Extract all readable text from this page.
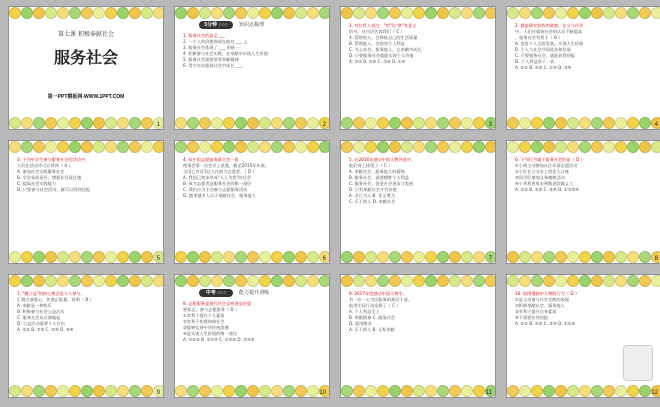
第七课 积极奉献社会
服务社会
第一PPT模板网-WWW.1PPT.COM
1
5分钟 ○○○	知识点梳理
1. 服务社会的意义 ___
2. 一个人的价值体现在他对 ___ 上
3. 服务社会体现了 ___ 的统一
4. 积极参与社会实践，在奉献中实现人生价值
5. 服务社会需要培养奉献精神
6. 青少年在服务社会中成长 ___
2
1. 有位哲人说过："给"比"拿"有意义
的多。这句话告诉我们（ C ）
A. 帮助别人，会降低自己的生活质量
B. 帮助他人，会损害个人利益
C. 关心社会，服务他人，在奉献中成长
D. 只要服务社会就能实现个人价值
A. ①② B. ②③ C. ③④ D. ①④
3
2. 据某研究机构的调查，在当今社会
中，人们对服务社会的认识不断提高
。服务社会有利于（ B ）
A. 促进个人全面发展，实现人生价值
B. 个人与社会共同进步和发展
C. 只要服务社会，就能获得回报
D. 个人利益高于一切
A. ①② B. ②③ C. ①④ D. ③④
4
3. 下列中学生参与服务社会的活动中，
人们在活动中可以得到（ A ）
A. 参加社会实践服务社会
B. 学会承担责任，增强社会责任感
C. 提高社会实践能力
D. 只要参与社会活动，就可以得到回报
5
4. 从中国志愿服务联合会一届
理事会第一次会议上获悉，截至2015年年底，
全国已有近1亿人注册为志愿者。（ D ）
A. 我国已初步形成"人人为我"的社会
B. 成为志愿者是服务社会的唯一途径
C. 我们应当主动参与志愿服务活动
D. 越来越多人乐于奉献社会，服务他人
6
5. 在2016年感动中国人物评选中，
他们身上体现了（ C ）
A. 奉献社会，服务他人的精神
B. 服务社会，就要牺牲个人利益
C. 服务社会，促进社会进步与发展
D. 只有奉献社会才有价值
A. 舍己为人 B. 见义勇为
C. 乐于助人 D. 奉献社会
7
6. 下列行为属于服务社会的是（ D ）
①小明主动参加社区环保志愿活动
②小红在公交车上给老人让座
③同学们参加义务植树活动
④小华利用周末到敬老院做义工
A. ①② B. ②③ C. ③④ D. ①②③④
8
7. "微公益"的核心理念是人人参与，
汇聚点滴爱心，传递正能量，说明（ B ）
A. 奉献是一种快乐
B. 积极参与社会公益活动
C. 服务社会从点滴做起
D. 公益活动需要个人付出
A. ①② B. ②③ C. ①④ D. ③④
9
中考 ○○○	能力提升训练
8. 志愿服务是现代社会文明进步的重
要标志，参与志愿服务（ D ）
①有利于提升个人素质
②有利于构建和谐社会
③能够弘扬中华传统美德
④是实现人生价值的唯一途径
A. ①②③ B. ①②④ C. ①③④ D. ②③④
10
9. 2017年度感动中国人物中，
有一位一心为民服务的基层干部，
他用实际行动诠释了（ C ）
A. 个人利益至上
B. 奉献精神 C. 服务社会
D. 爱岗敬业
A. 乐于助人 B. 无私奉献
11
10. 如图漫画中人物的行为（ D ）
①是主动参与社会实践的表现
②积极奉献社会，服务他人
③有利于提升自身素质
④不需要任何回报
A. ①② B. ②③ C. ③④ D. ①②③
12
